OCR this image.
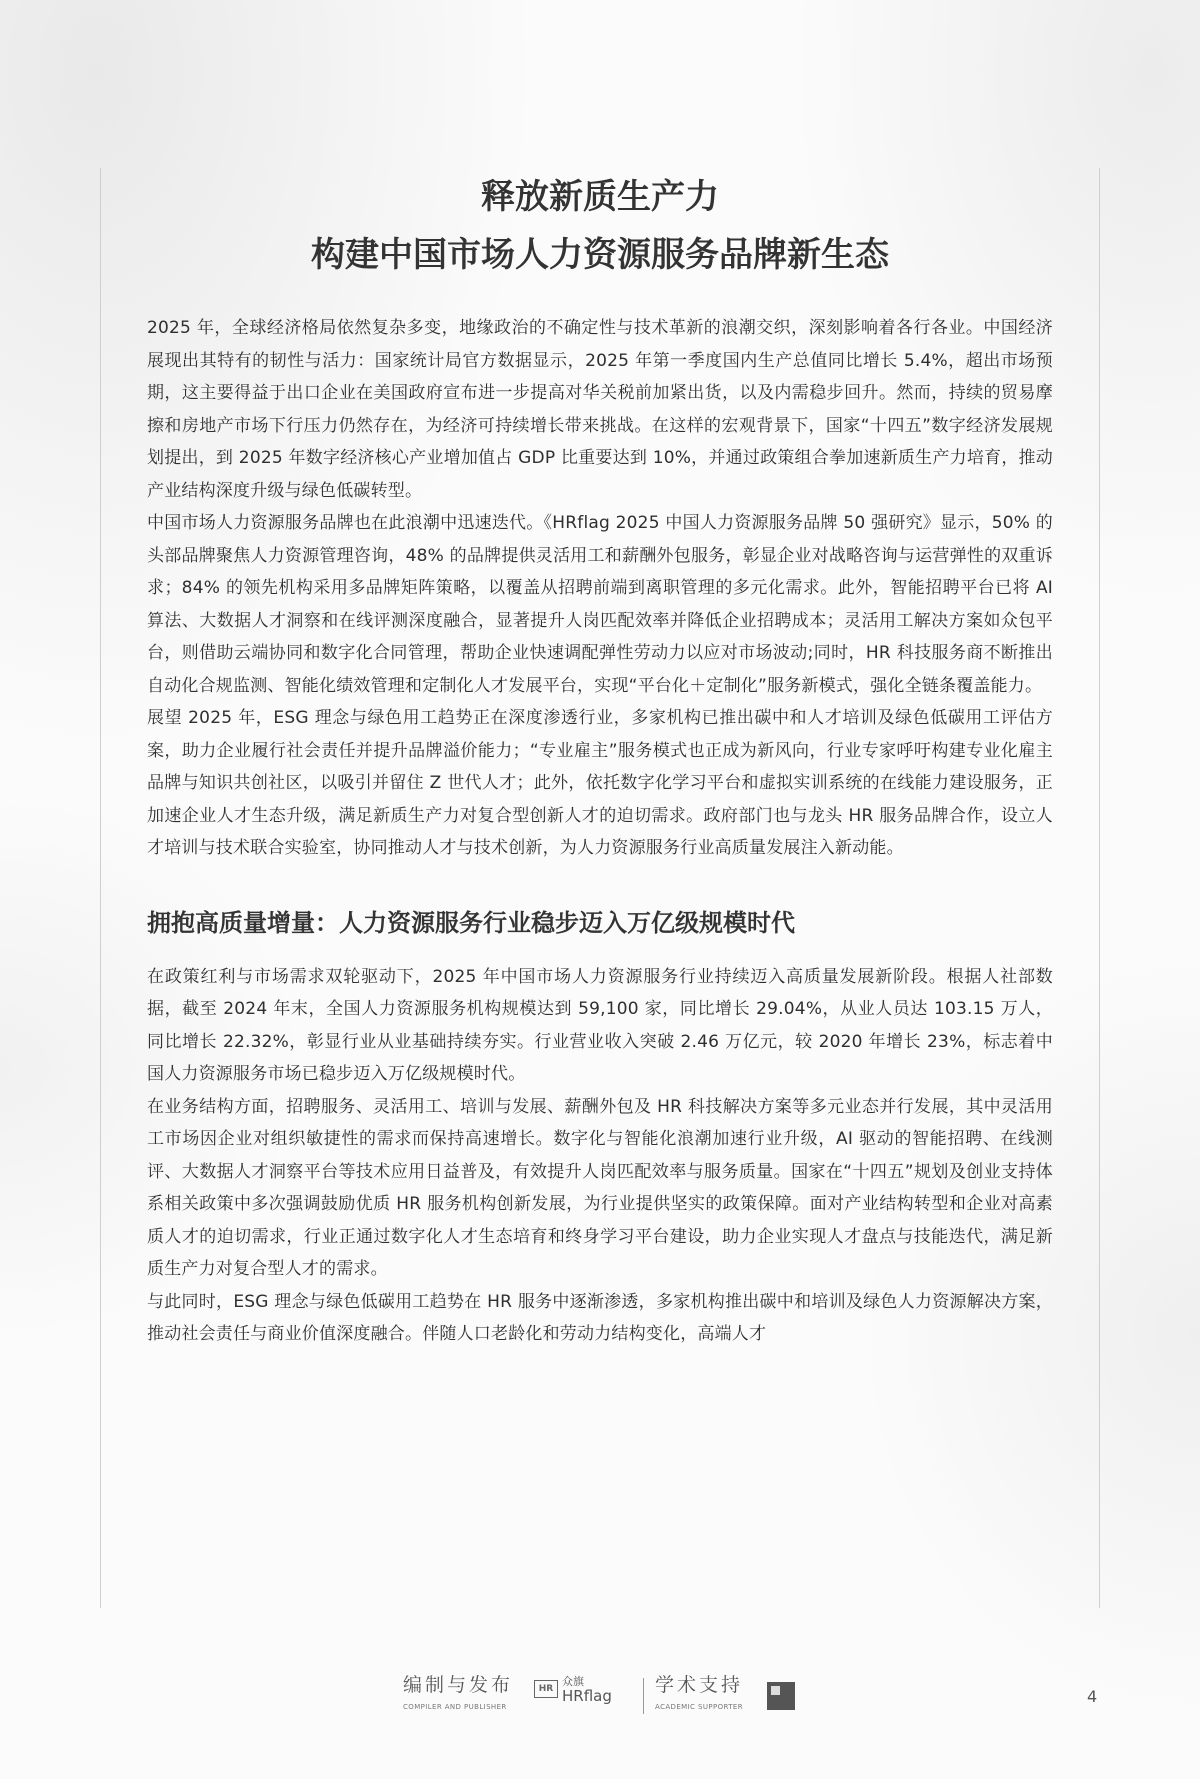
释放新质生产力

构建中国市场人力资源服务品牌新生态

2025 年，全球经济格局依然复杂多变，地缘政治的不确定性与技术革新的浪潮交织，深刻影响着各行各业。中国经济展现出其特有的韧性与活力：国家统计局官方数据显示，2025 年第一季度国内生产总值同比增长 5.4%，超出市场预期，这主要得益于出口企业在美国政府宣布进一步提高对华关税前加紧出货，以及内需稳步回升。然而，持续的贸易摩擦和房地产市场下行压力仍然存在，为经济可持续增长带来挑战。在这样的宏观背景下，国家“十四五”数字经济发展规划提出，到 2025 年数字经济核心产业增加值占 GDP 比重要达到 10%，并通过政策组合拳加速新质生产力培育，推动产业结构深度升级与绿色低碳转型。

中国市场人力资源服务品牌也在此浪潮中迅速迭代。《HRflag 2025 中国人力资源服务品牌 50 强研究》显示，50% 的头部品牌聚焦人力资源管理咨询，48% 的品牌提供灵活用工和薪酬外包服务，彰显企业对战略咨询与运营弹性的双重诉求；84% 的领先机构采用多品牌矩阵策略，以覆盖从招聘前端到离职管理的多元化需求。此外，智能招聘平台已将 AI 算法、大数据人才洞察和在线评测深度融合，显著提升人岗匹配效率并降低企业招聘成本；灵活用工解决方案如众包平台，则借助云端协同和数字化合同管理，帮助企业快速调配弹性劳动力以应对市场波动;同时，HR 科技服务商不断推出自动化合规监测、智能化绩效管理和定制化人才发展平台，实现“平台化＋定制化”服务新模式，强化全链条覆盖能力。

展望 2025 年，ESG 理念与绿色用工趋势正在深度渗透行业，多家机构已推出碳中和人才培训及绿色低碳用工评估方案，助力企业履行社会责任并提升品牌溢价能力；“专业雇主”服务模式也正成为新风向，行业专家呼吁构建专业化雇主品牌与知识共创社区，以吸引并留住 Z 世代人才；此外，依托数字化学习平台和虚拟实训系统的在线能力建设服务，正加速企业人才生态升级，满足新质生产力对复合型创新人才的迫切需求。政府部门也与龙头 HR 服务品牌合作，设立人才培训与技术联合实验室，协同推动人才与技术创新，为人力资源服务行业高质量发展注入新动能。

拥抱高质量增量：人力资源服务行业稳步迈入万亿级规模时代

在政策红利与市场需求双轮驱动下，2025 年中国市场人力资源服务行业持续迈入高质量发展新阶段。根据人社部数据，截至 2024 年末，全国人力资源服务机构规模达到 59,100 家，同比增长 29.04%，从业人员达 103.15 万人，同比增长 22.32%，彰显行业从业基础持续夯实。行业营业收入突破 2.46 万亿元，较 2020 年增长 23%，标志着中国人力资源服务市场已稳步迈入万亿级规模时代。

在业务结构方面，招聘服务、灵活用工、培训与发展、薪酬外包及 HR 科技解决方案等多元业态并行发展，其中灵活用工市场因企业对组织敏捷性的需求而保持高速增长。数字化与智能化浪潮加速行业升级，AI 驱动的智能招聘、在线测评、大数据人才洞察平台等技术应用日益普及，有效提升人岗匹配效率与服务质量。国家在“十四五”规划及创业支持体系相关政策中多次强调鼓励优质 HR 服务机构创新发展，为行业提供坚实的政策保障。面对产业结构转型和企业对高素质人才的迫切需求，行业正通过数字化人才生态培育和终身学习平台建设，助力企业实现人才盘点与技能迭代，满足新质生产力对复合型人才的需求。

与此同时，ESG 理念与绿色低碳用工趋势在 HR 服务中逐渐渗透，多家机构推出碳中和培训及绿色人力资源解决方案，推动社会责任与商业价值深度融合。伴随人口老龄化和劳动力结构变化，高端人才

编制与发布
COMPILER AND PUBLISHER
HR
众旗
HRflag 学术支持
ACADEMIC SUPPORTER
4
